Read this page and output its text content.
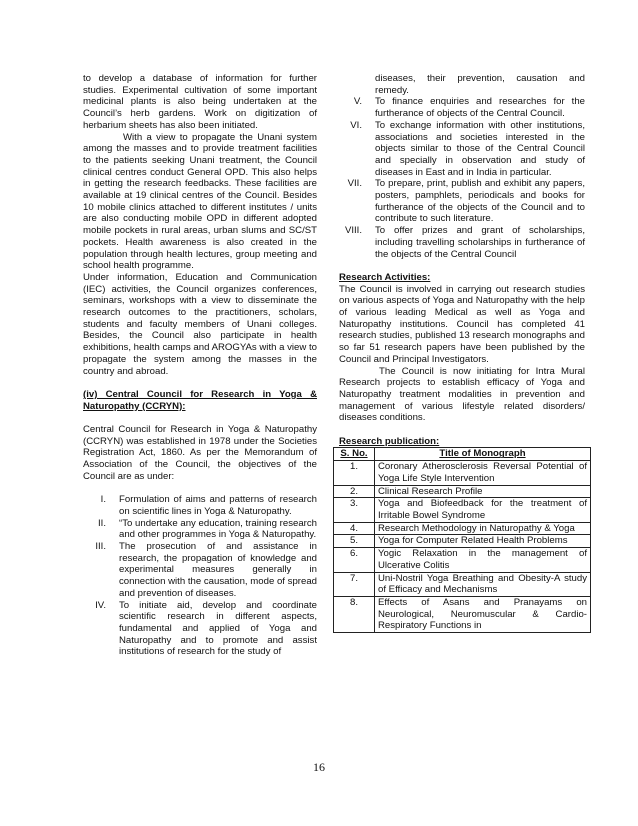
to develop a database of information for further studies. Experimental cultivation of some important medicinal plants is also being undertaken at the Council’s herb gardens. Work on digitization of herbarium sheets has also been initiated.

With a view to propagate the Unani system among the masses and to provide treatment facilities to the patients seeking Unani treatment, the Council clinical centres conduct General OPD. This also helps in getting the research feedbacks. These facilities are available at 19 clinical centres of the Council. Besides 10 mobile clinics attached to different institutes / units are also conducting mobile OPD in different adopted mobile pockets in rural areas, urban slums and SC/ST pockets. Health awareness is also created in the population through health lectures, group meeting and school health programme.

Under information, Education and Communication (IEC) activities, the Council organizes conferences, seminars, workshops with a view to disseminate the research outcomes to the practitioners, scholars, students and faculty members of Unani colleges. Besides, the Council also participate in health exhibitions, health camps and AROGYAs with a view to propagate the system among the masses in the country and abroad.

(iv) Central Council for Research in Yoga & Naturopathy (CCRYN):

Central Council for Research in Yoga & Naturopathy (CCRYN) was established in 1978 under the Societies Registration Act, 1860. As per the Memorandum of Association of the Council, the objectives of the Council are as under:

I.	Formulation of aims and patterns of research on scientific lines in Yoga & Naturopathy.
II.	“To undertake any education, training research and other programmes in Yoga & Naturopathy.
III.	The prosecution of and assistance in research, the propagation of knowledge and experimental measures generally in connection with the causation, mode of spread and prevention of diseases.
IV.	To initiate aid, develop and coordinate scientific research in different aspects, fundamental and applied of Yoga and Naturopathy and to promote and assist institutions of research for the study of
diseases, their prevention, causation and remedy.
V.	To finance enquiries and researches for the furtherance of objects of the Central Council.
VI.	To exchange information with other institutions, associations and societies interested in the objects similar to those of the Central Council and specially in observation and study of diseases in East and in India in particular.
VII.	To prepare, print, publish and exhibit any papers, posters, pamphlets, periodicals and books for furtherance of the objects of the Council and to contribute to such literature.
VIII.	To offer prizes and grant of scholarships, including travelling scholarships in furtherance of the objects of the Central Council

Research Activities:

The Council is involved in carrying out research studies on various aspects of Yoga and Naturopathy with the help of various leading Medical as well as Yoga and Naturopathy institutions. Council has completed 41 research studies, published 13 research monographs and so far 51 research papers have been published by the Council and Principal Investigators.

The Council is now initiating for Intra Mural Research projects to establish efficacy of Yoga and Naturopathy treatment modalities in prevention and management of various lifestyle related disorders/ diseases conditions.

Research publication:

S. No.	Title of Monograph
1.	Coronary Atherosclerosis Reversal Potential of Yoga Life Style Intervention
2.	Clinical Research Profile
3.	Yoga and Biofeedback for the treatment of Irritable Bowel Syndrome
4.	Research Methodology in Naturopathy & Yoga
5.	Yoga for Computer Related Health Problems
6.	Yogic Relaxation in the management of Ulcerative Colitis
7.	Uni-Nostril Yoga Breathing and Obesity-A study of Efficacy and Mechanisms
8.	Effects of Asans and Pranayams on Neurological, Neuromuscular & Cardio- Respiratory Functions in
16
